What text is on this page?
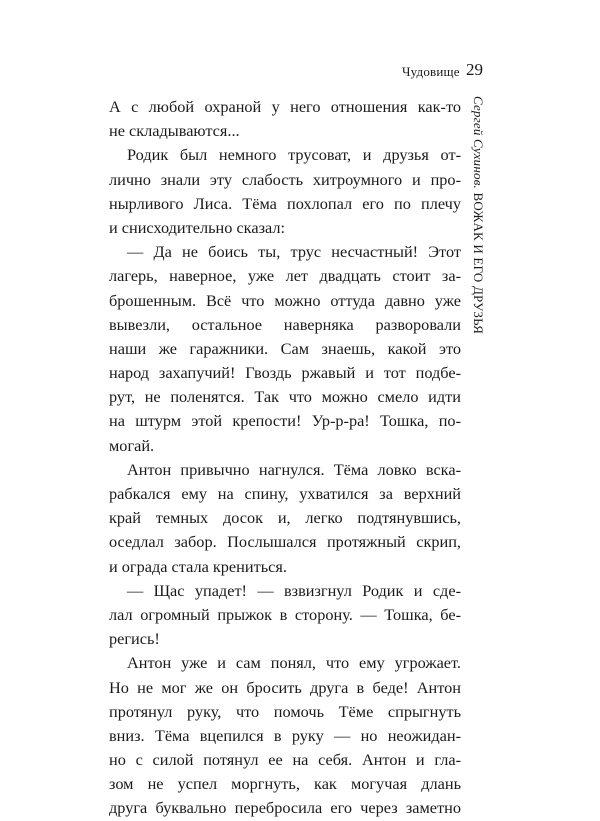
Чудовище 29
Сергей Сухинов. ВОЖАК И ЕГО ДРУЗЬЯ
А с любой охраной у него отношения как-то
не складываются...
Родик был немного трусоват, и друзья от-
лично знали эту слабость хитроумного и про-
нырливого Лиса. Тёма похлопал его по плечу
и снисходительно сказал:
— Да не боись ты, трус несчастный! Этот
лагерь, наверное, уже лет двадцать стоит за-
брошенным. Всё что можно оттуда давно уже
вывезли, остальное наверняка разворовали
наши же гаражники. Сам знаешь, какой это
народ захапучий! Гвоздь ржавый и тот подбе-
рут, не поленятся. Так что можно смело идти
на штурм этой крепости! Ур-р-ра! Тошка, по-
могай.
Антон привычно нагнулся. Тёма ловко вска-
рабкался ему на спину, ухватился за верхний
край темных досок и, легко подтянувшись,
оседлал забор. Послышался протяжный скрип,
и ограда стала крениться.
— Щас упадет! — взвизгнул Родик и сде-
лал огромный прыжок в сторону. — Тошка, бе-
регись!
Антон уже и сам понял, что ему угрожает.
Но не мог же он бросить друга в беде! Антон
протянул руку, что помочь Тёме спрыгнуть
вниз. Тёма вцепился в руку — но неожидан-
но с силой потянул ее на себя. Антон и гла-
зом не успел моргнуть, как могучая длань
друга буквально перебросила его через заметно
